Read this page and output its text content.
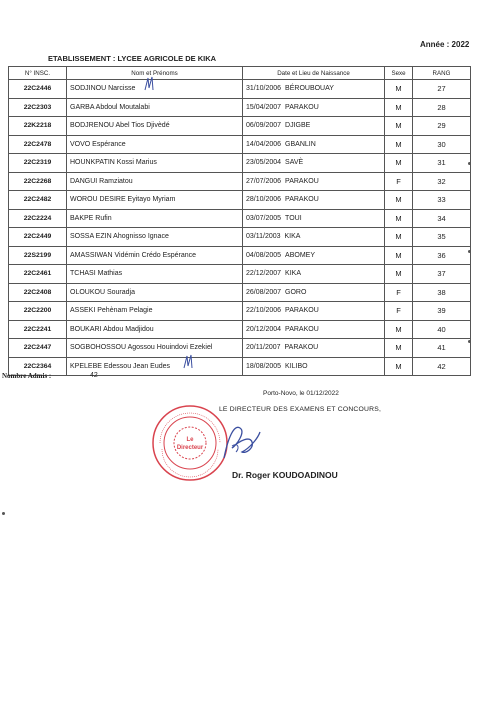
Année : 2022
ETABLISSEMENT : LYCEE AGRICOLE DE KIKA
N° INSC.	Nom et Prénoms	Date et Lieu de Naissance	Sexe	RANG
22C2446	SODJINOU Narcisse	31/10/2006 BÉROUBOUAY	M	27
22C2303	GARBA Abdoul Moutalabi	15/04/2007 PARAKOU	M	28
22K2218	BODJRENOU Abel Tios Djivèdé	06/09/2007 DJIGBE	M	29
22C2478	VOVO Espérance	14/04/2006 GBANLIN	M	30
22C2319	HOUNKPATIN Kossi Marius	23/05/2004 SAVÈ	M	31
22C2268	DANGUI Ramziatou	27/07/2006 PARAKOU	F	32
22C2482	WOROU DESIRE Eyitayo Myriam	28/10/2006 PARAKOU	M	33
22C2224	BAKPE Rufin	03/07/2005 TOUI	M	34
22C2449	SOSSA EZIN Ahognisso Ignace	03/11/2003 KIKA	M	35
22S2199	AMASSIWAN Vidémin Crédo Espérance	04/08/2005 ABOMEY	M	36
22C2461	TCHASI Mathias	22/12/2007 KIKA	M	37
22C2408	OLOUKOU Souradja	26/08/2007 GORO	F	38
22C2200	ASSEKI Pehènam Pelagie	22/10/2006 PARAKOU	F	39
22C2241	BOUKARI Abdou Madjidou	20/12/2004 PARAKOU	M	40
22C2447	SOGBOHOSSOU Agossou Houindovi Ezekiel	20/11/2007 PARAKOU	M	41
22C2364	KPELEBE Edessou Jean Eudes	18/08/2005 KILIBO	M	42
Nombre Admis :	42
Porto-Novo, le 01/12/2022
LE DIRECTEUR DES EXAMENS ET CONCOURS,
Le
Directeur
Dr. Roger KOUDOADINOU
